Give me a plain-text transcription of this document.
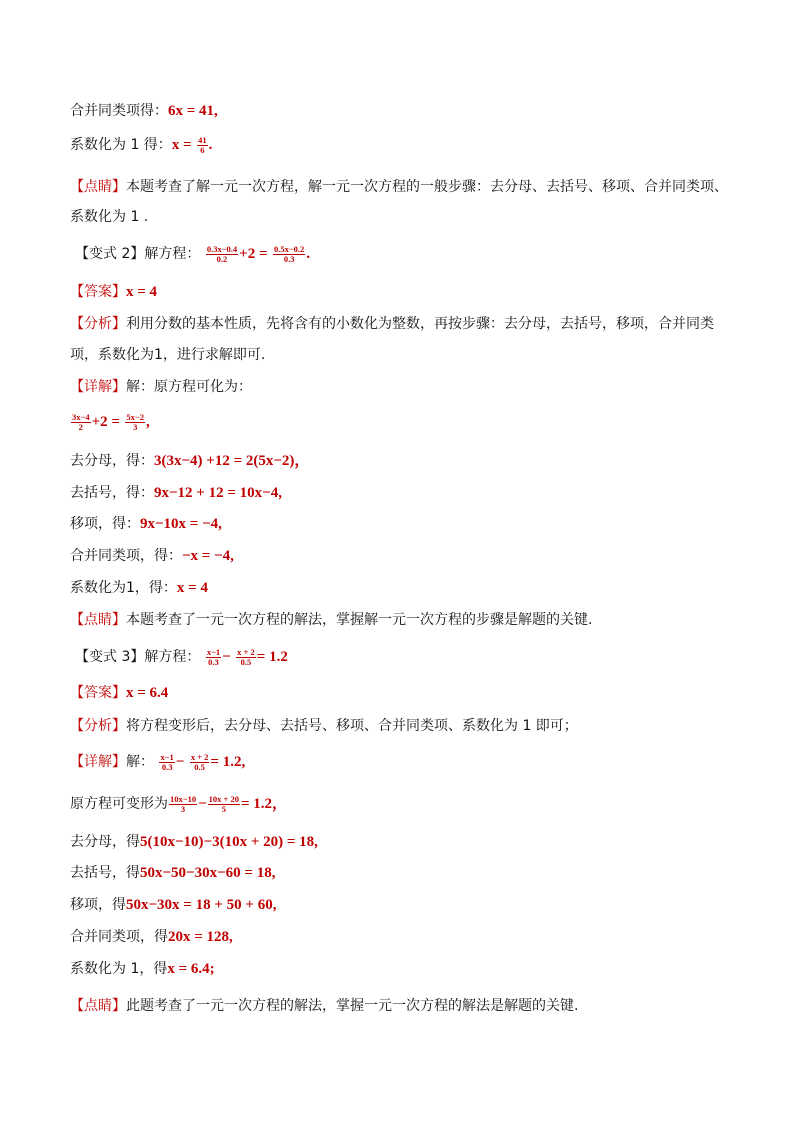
合并同类项得：6x = 41,
系数化为 1 得：$x = \frac{41}{6}$ .
【点睛】本题考查了解一元一次方程，解一元一次方程的一般步骤：去分母、去括号、移项、合并同类项、
系数化为 1 .
【变式 2】解方程： $\frac{0.3x-0.4}{0.2} +2 = \frac{0.5x-0.2}{0.3}$ .
【答案】x = 4
【分析】利用分数的基本性质，先将含有的小数化为整数，再按步骤：去分母，去括号，移项，合并同类
项，系数化为1，进行求解即可.
【详解】解：原方程可化为：
$\frac{3x-4}{2} +2 = \frac{5x-2}{3}$ ,
去分母，得：3(3x−4) +12 = 2(5x−2)，
去括号，得：9x−12 + 12 = 10x−4,
移项，得：9x−10x = −4,
合并同类项，得：−x = −4,
系数化为1，得：x = 4
【点睛】本题考查了一元一次方程的解法，掌握解一元一次方程的步骤是解题的关键.
【变式 3】解方程： $\frac{x-1}{0.3} - \frac{x + 2}{0.5} = 1.2$
【答案】x = 6.4
【分析】将方程变形后，去分母、去括号、移项、合并同类项、系数化为 1 即可；
【详解】解： $\frac{x-1}{0.3} - \frac{x + 2}{0.5} = 1.2$,
原方程可变形为 $\frac{10x-10}{3} - \frac{10x + 20}{5} = 1.2$，
去分母，得5(10x−10)−3(10x + 20) = 18,
去括号，得50x−50−30x−60 = 18,
移项，得50x−30x = 18 + 50 + 60,
合并同类项，得20x = 128,
系数化为 1，得x = 6.4;
【点睛】此题考查了一元一次方程的解法，掌握一元一次方程的解法是解题的关键.
